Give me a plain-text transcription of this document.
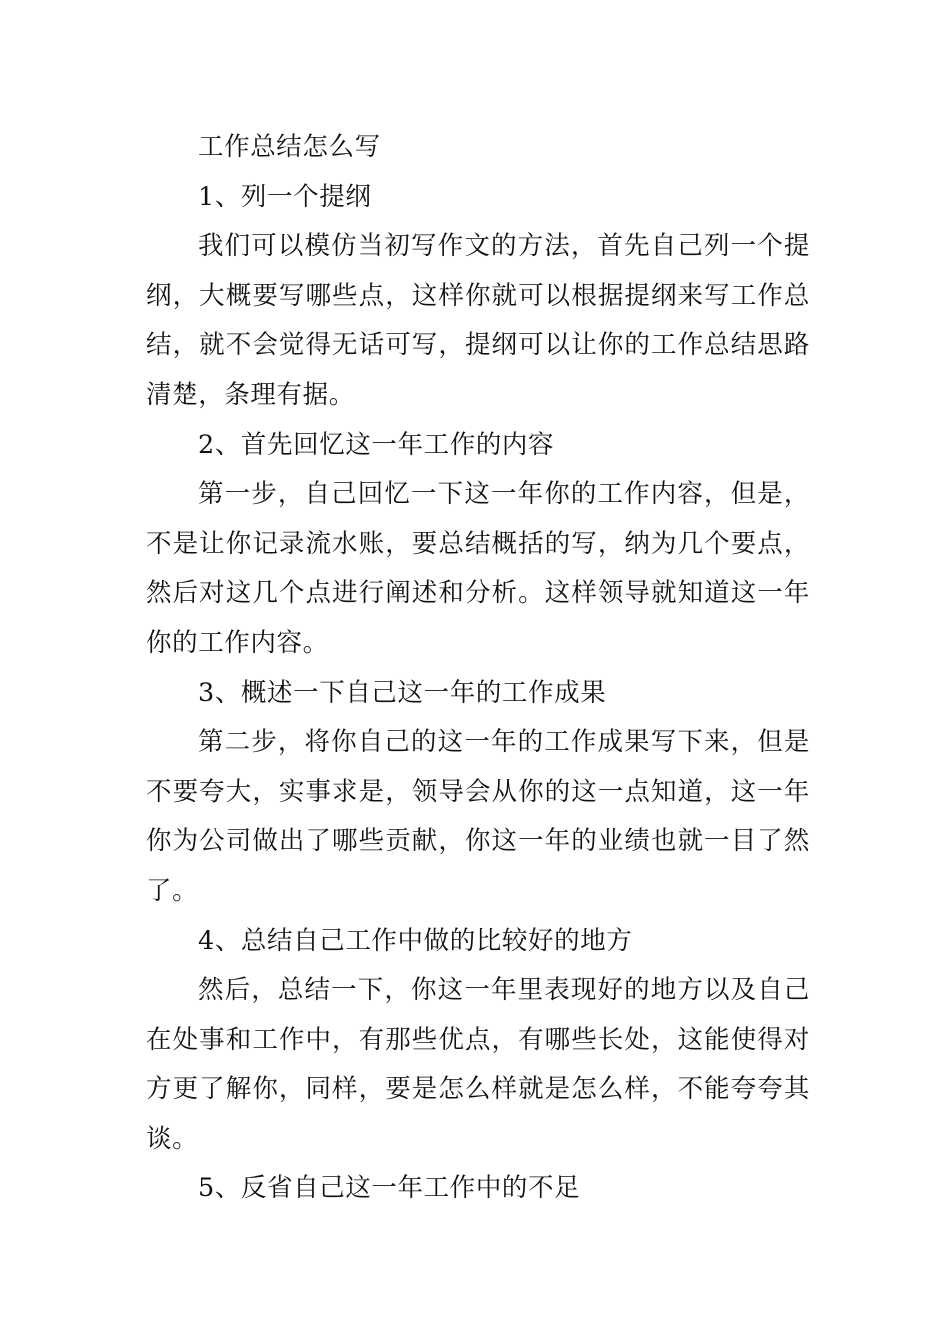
工作总结怎么写
1、列一个提纲
我们可以模仿当初写作文的方法，首先自己列一个提
纲，大概要写哪些点，这样你就可以根据提纲来写工作总
结，就不会觉得无话可写，提纲可以让你的工作总结思路
清楚，条理有据。
2、首先回忆这一年工作的内容
第一步，自己回忆一下这一年你的工作内容，但是，
不是让你记录流水账，要总结概括的写，纳为几个要点，
然后对这几个点进行阐述和分析。这样领导就知道这一年
你的工作内容。
3、概述一下自己这一年的工作成果
第二步，将你自己的这一年的工作成果写下来，但是
不要夸大，实事求是，领导会从你的这一点知道，这一年
你为公司做出了哪些贡献，你这一年的业绩也就一目了然
了。
4、总结自己工作中做的比较好的地方
然后，总结一下，你这一年里表现好的地方以及自己
在处事和工作中，有那些优点，有哪些长处，这能使得对
方更了解你，同样，要是怎么样就是怎么样，不能夸夸其
谈。
5、反省自己这一年工作中的不足
